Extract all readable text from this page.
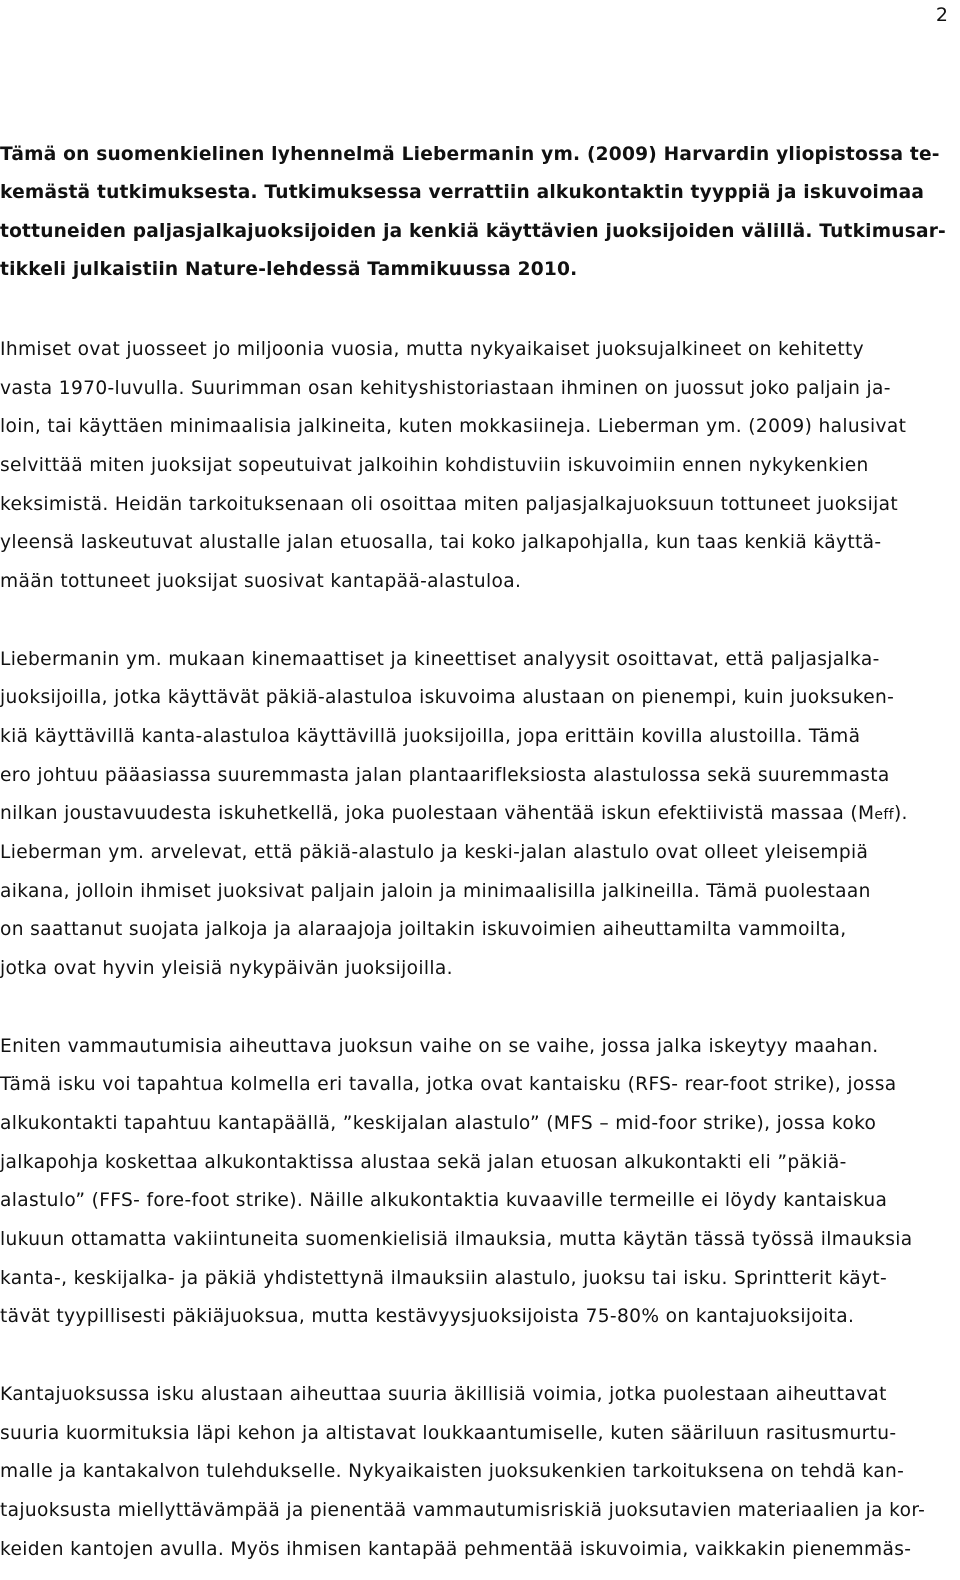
2
Tämä on suomenkielinen lyhennelmä Liebermanin ym. (2009) Harvardin yliopistossa te-
kemästä tutkimuksesta. Tutkimuksessa verrattiin alkukontaktin tyyppiä ja iskuvoimaa
tottuneiden paljasjalkajuoksijoiden ja kenkiä käyttävien juoksijoiden välillä. Tutkimusar-
tikkeli julkaistiin Nature-lehdessä Tammikuussa 2010.
Ihmiset ovat juosseet jo miljoonia vuosia, mutta nykyaikaiset juoksujalkineet on kehitetty
vasta 1970-luvulla. Suurimman osan kehityshistoriastaan ihminen on juossut joko paljain ja-
loin, tai käyttäen minimaalisia jalkineita, kuten mokkasiineja. Lieberman ym. (2009) halusivat
selvittää miten juoksijat sopeutuivat jalkoihin kohdistuviin iskuvoimiin ennen nykykenkien
keksimistä. Heidän tarkoituksenaan oli osoittaa miten paljasjalkajuoksuun tottuneet juoksijat
yleensä laskeutuvat alustalle jalan etuosalla, tai koko jalkapohjalla, kun taas kenkiä käyttä-
mään tottuneet juoksijat suosivat kantapää-alastuloa.
Liebermanin ym. mukaan kinemaattiset ja kineettiset analyysit osoittavat, että paljasjalka-
juoksijoilla, jotka käyttävät päkiä-alastuloa iskuvoima alustaan on pienempi, kuin juoksuken-
kiä käyttävillä kanta-alastuloa käyttävillä juoksijoilla, jopa erittäin kovilla alustoilla. Tämä
ero johtuu pääasiassa suuremmasta jalan plantaarifleksiosta alastulossa sekä suuremmasta
nilkan joustavuudesta iskuhetkellä, joka puolestaan vähentää iskun efektiivistä massaa (Meff).
Lieberman ym. arvelevat, että päkiä-alastulo ja keski-jalan alastulo ovat olleet yleisempiä
aikana, jolloin ihmiset juoksivat paljain jaloin ja minimaalisilla jalkineilla. Tämä puolestaan
on saattanut suojata jalkoja ja alaraajoja joiltakin iskuvoimien aiheuttamilta vammoilta,
jotka ovat hyvin yleisiä nykypäivän juoksijoilla.
Eniten vammautumisia aiheuttava juoksun vaihe on se vaihe, jossa jalka iskeytyy maahan.
Tämä isku voi tapahtua kolmella eri tavalla, jotka ovat kantaisku (RFS- rear-foot strike), jossa
alkukontakti tapahtuu kantapäällä, ”keskijalan alastulo” (MFS – mid-foor strike), jossa koko
jalkapohja koskettaa alkukontaktissa alustaa sekä jalan etuosan alkukontakti eli ”päkiä-
alastulo” (FFS- fore-foot strike). Näille alkukontaktia kuvaaville termeille ei löydy kantaiskua
lukuun ottamatta vakiintuneita suomenkielisiä ilmauksia, mutta käytän tässä työssä ilmauksia
kanta-, keskijalka- ja päkiä yhdistettynä ilmauksiin alastulo, juoksu tai isku. Sprintterit käyt-
tävät tyypillisesti päkiäjuoksua, mutta kestävyysjuoksijoista 75-80% on kantajuoksijoita.
Kantajuoksussa isku alustaan aiheuttaa suuria äkillisiä voimia, jotka puolestaan aiheuttavat
suuria kuormituksia läpi kehon ja altistavat loukkaantumiselle, kuten sääriluun rasitusmurtu-
malle ja kantakalvon tulehdukselle. Nykyaikaisten juoksukenkien tarkoituksena on tehdä kan-
tajuoksusta miellyttävämpää ja pienentää vammautumisriskiä juoksutavien materiaalien ja kor-
keiden kantojen avulla. Myös ihmisen kantapää pehmentää iskuvoimia, vaikkakin pienemmäs-
